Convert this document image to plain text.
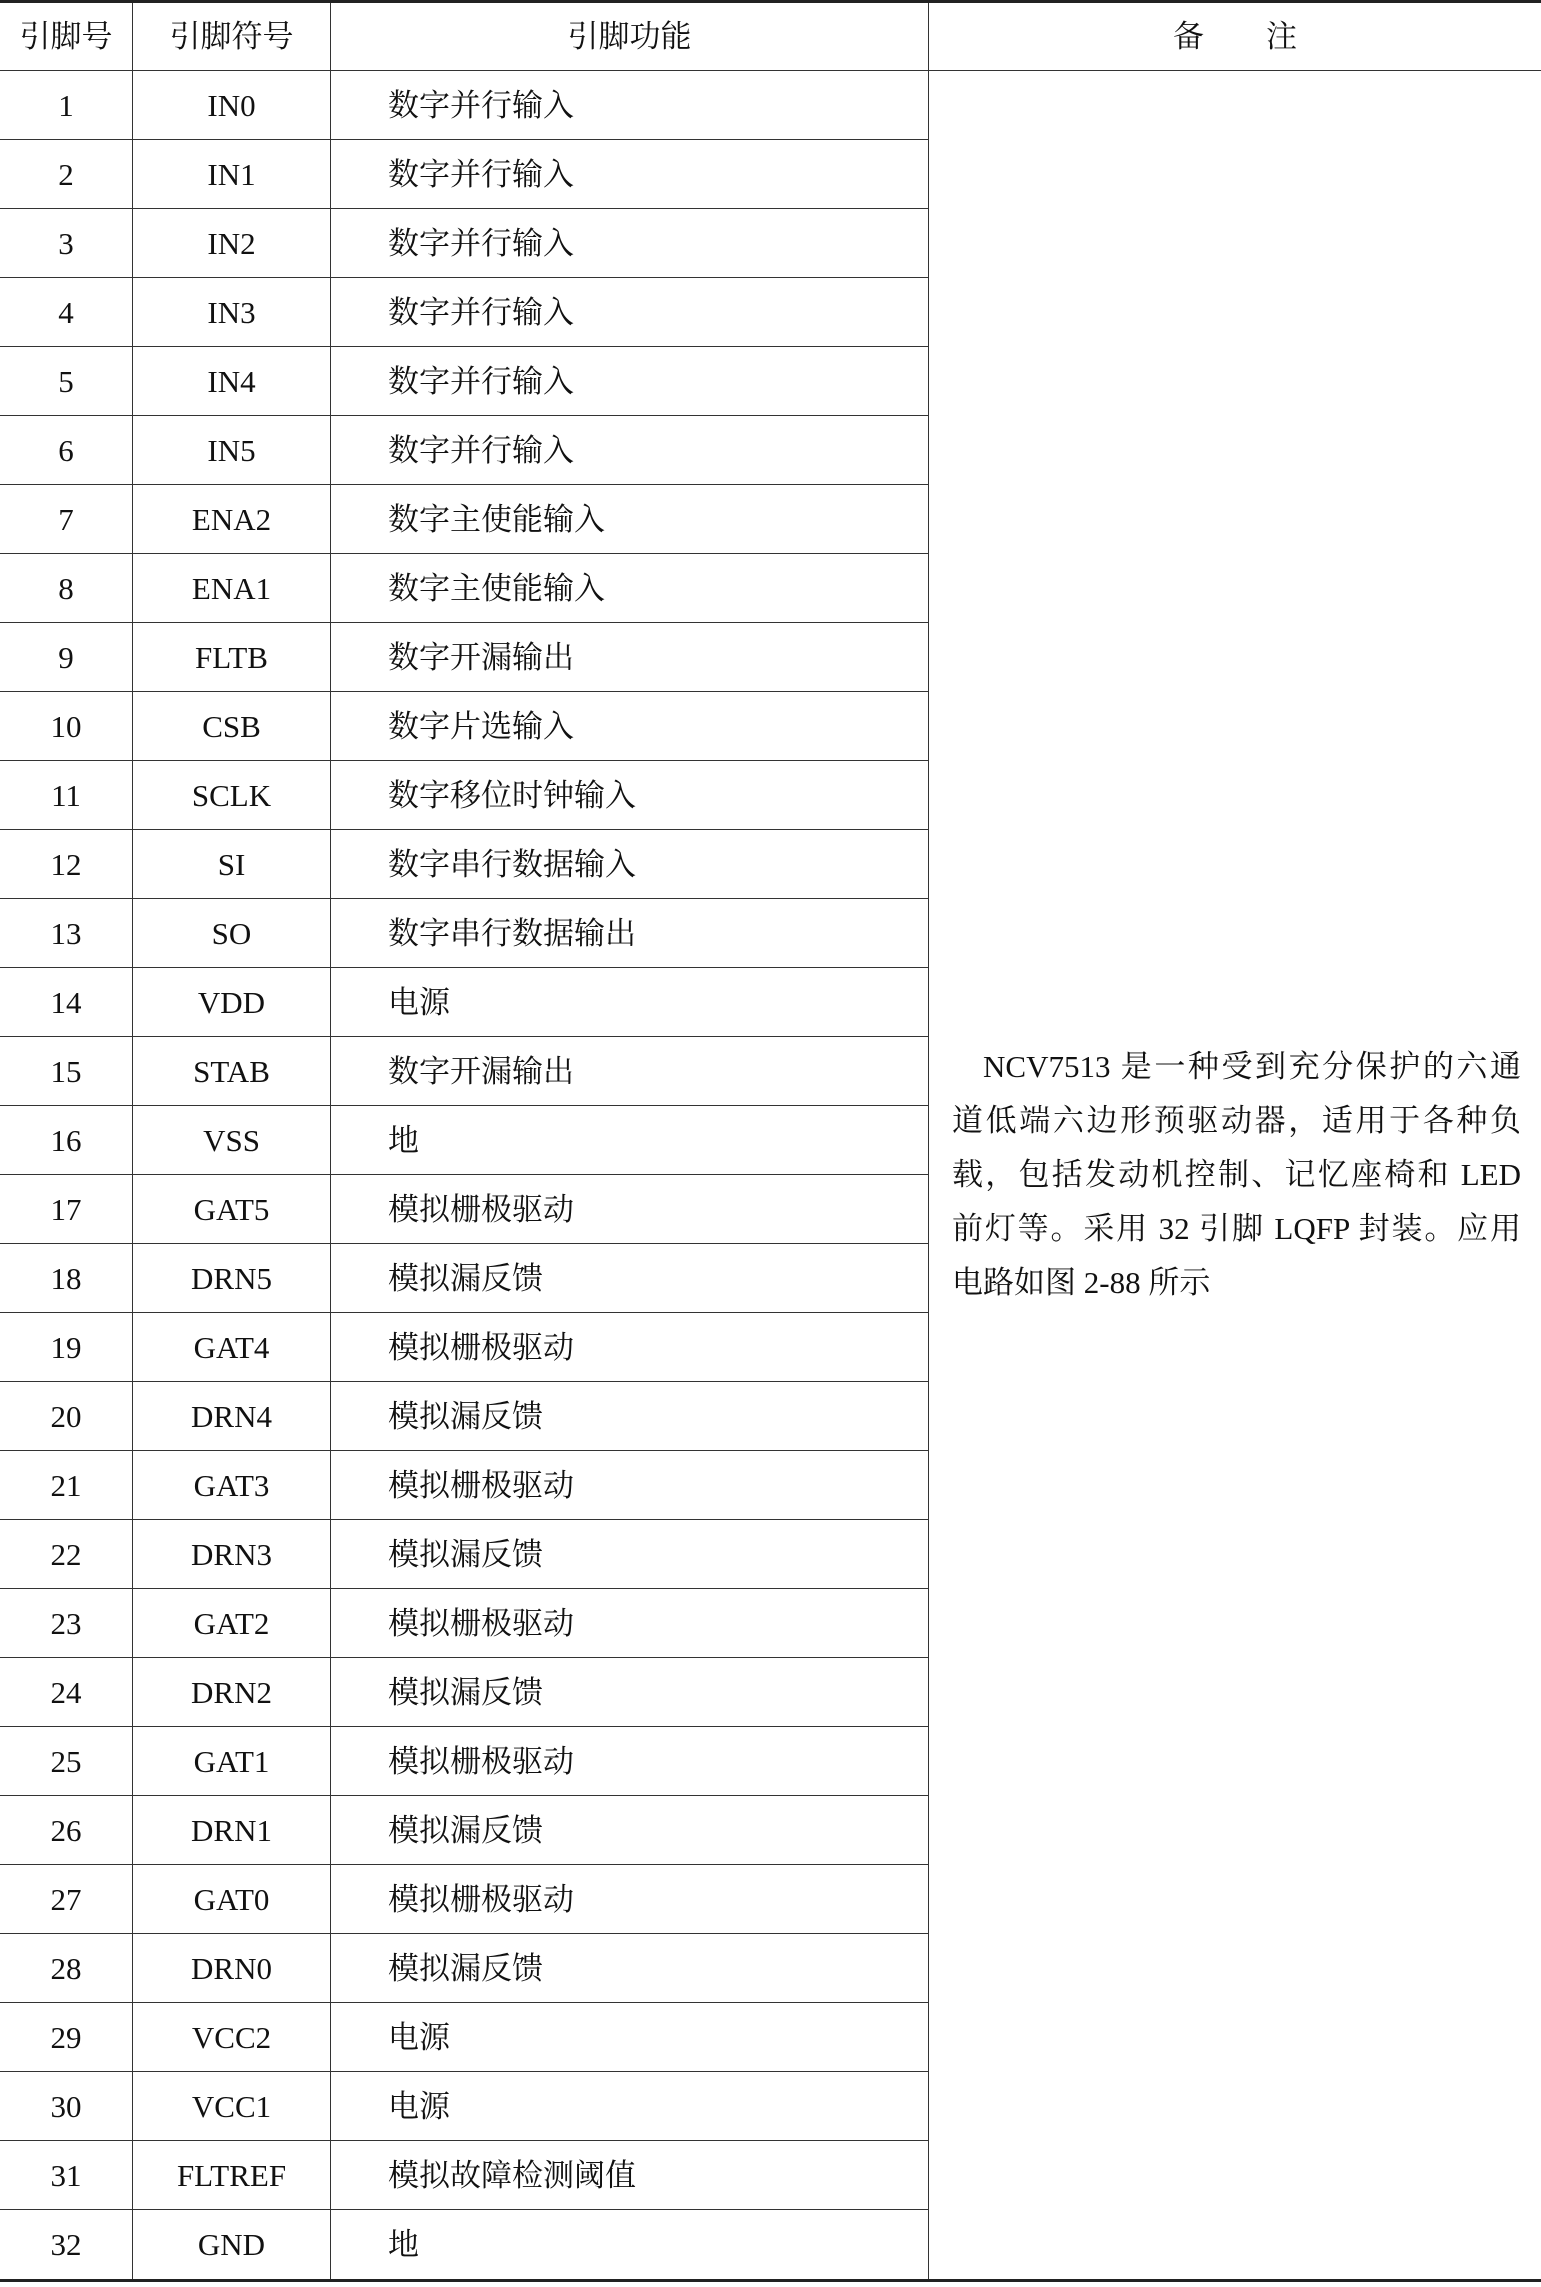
引脚号	引脚符号	引脚功能	备　　注

NCV7513 是一种受到充分保护的六通道低端六边形预驱动器，适用于各种负载，包括发动机控制、记忆座椅和 LED 前灯等。采用 32 引脚 LQFP 封装。应用电路如图 2-88 所示

1	IN0	数字并行输入
2	IN1	数字并行输入
3	IN2	数字并行输入
4	IN3	数字并行输入
5	IN4	数字并行输入
6	IN5	数字并行输入
7	ENA2	数字主使能输入
8	ENA1	数字主使能输入
9	FLTB	数字开漏输出
10	CSB	数字片选输入
11	SCLK	数字移位时钟输入
12	SI	数字串行数据输入
13	SO	数字串行数据输出
14	VDD	电源
15	STAB	数字开漏输出
16	VSS	地
17	GAT5	模拟栅极驱动
18	DRN5	模拟漏反馈
19	GAT4	模拟栅极驱动
20	DRN4	模拟漏反馈
21	GAT3	模拟栅极驱动
22	DRN3	模拟漏反馈
23	GAT2	模拟栅极驱动
24	DRN2	模拟漏反馈
25	GAT1	模拟栅极驱动
26	DRN1	模拟漏反馈
27	GAT0	模拟栅极驱动
28	DRN0	模拟漏反馈
29	VCC2	电源
30	VCC1	电源
31	FLTREF	模拟故障检测阈值
32	GND	地
